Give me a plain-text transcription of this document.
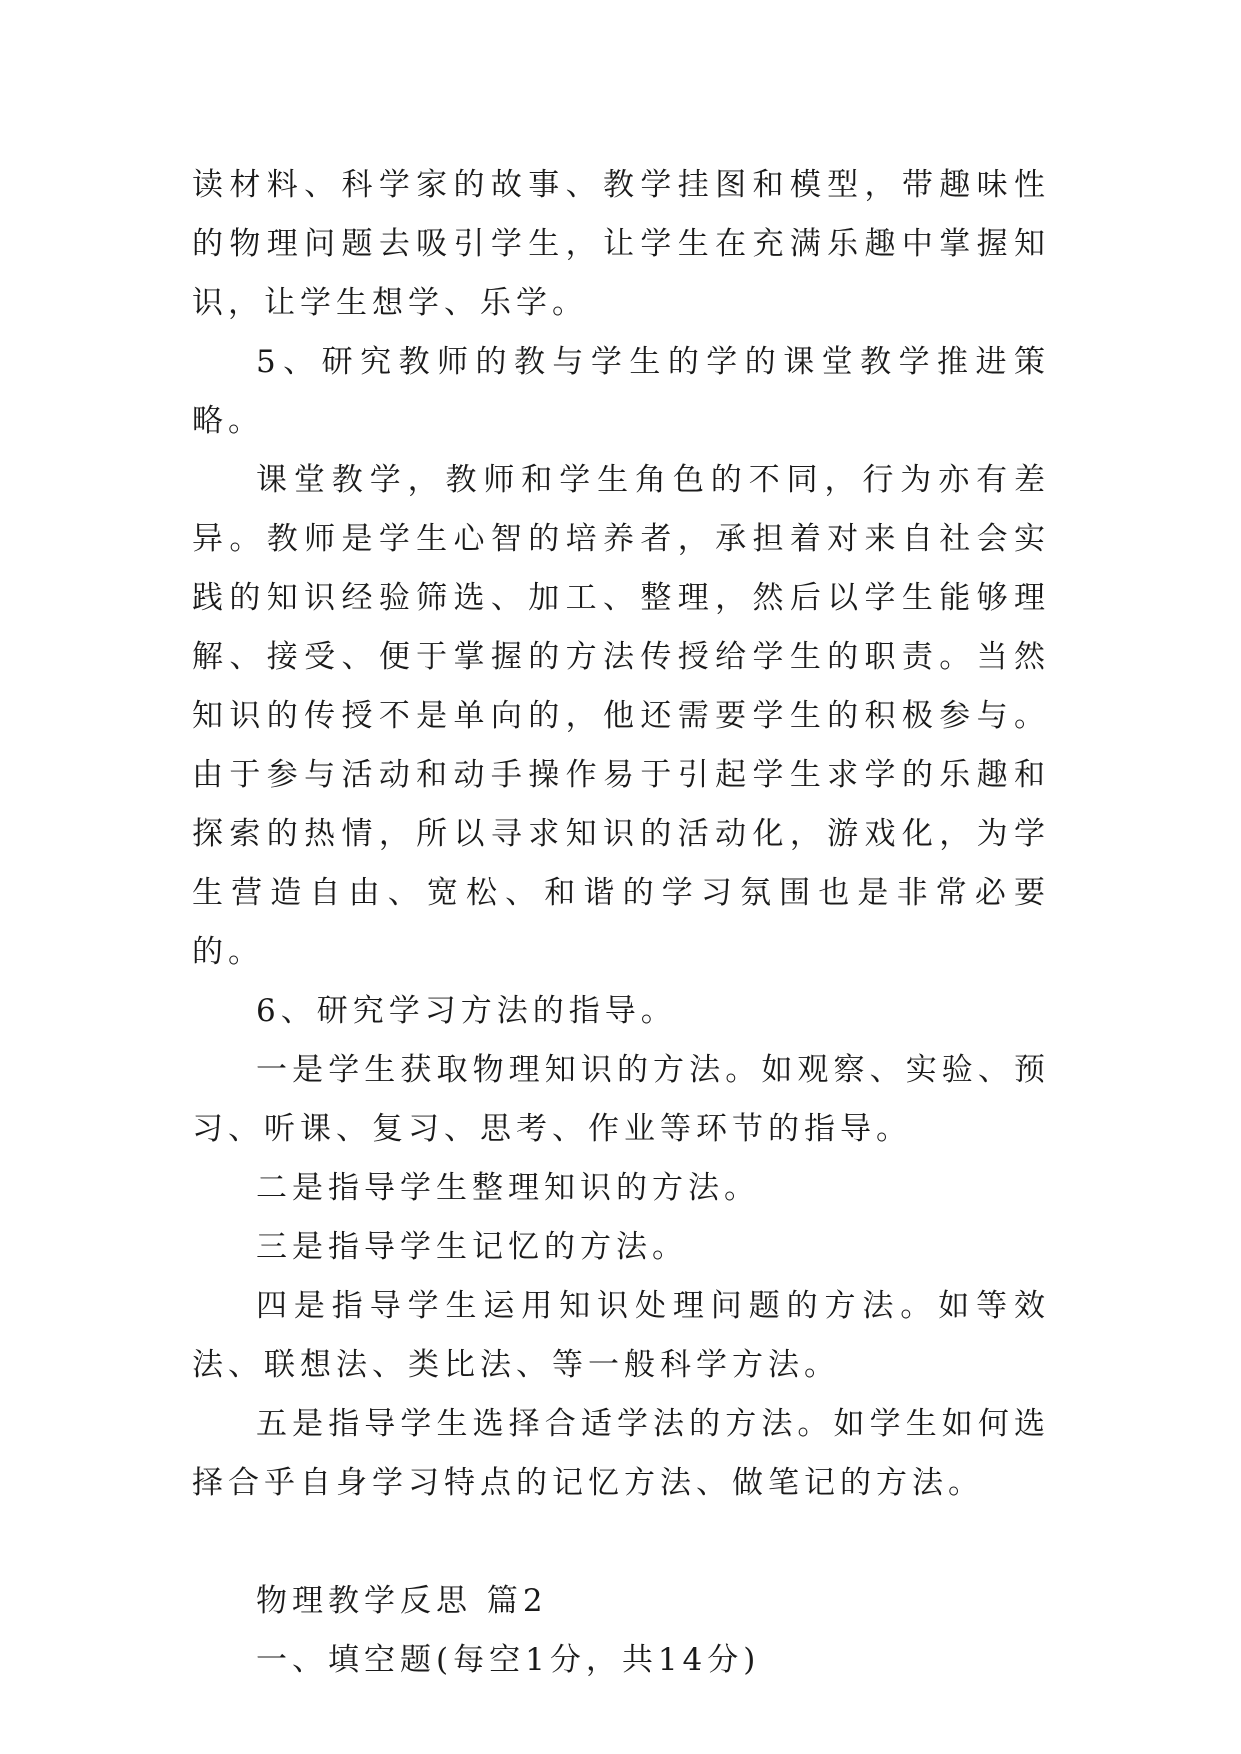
读材料、科学家的故事、教学挂图和模型，带趣味性的物理问题去吸引学生，让学生在充满乐趣中掌握知识，让学生想学、乐学。

5、研究教师的教与学生的学的课堂教学推进策略。

课堂教学，教师和学生角色的不同，行为亦有差异。教师是学生心智的培养者，承担着对来自社会实践的知识经验筛选、加工、整理，然后以学生能够理解、接受、便于掌握的方法传授给学生的职责。当然知识的传授不是单向的，他还需要学生的积极参与。由于参与活动和动手操作易于引起学生求学的乐趣和探索的热情，所以寻求知识的活动化，游戏化，为学生营造自由、宽松、和谐的学习氛围也是非常必要的。

6、研究学习方法的指导。

一是学生获取物理知识的方法。如观察、实验、预习、听课、复习、思考、作业等环节的指导。

二是指导学生整理知识的方法。

三是指导学生记忆的方法。

四是指导学生运用知识处理问题的方法。如等效法、联想法、类比法、等一般科学方法。

五是指导学生选择合适学法的方法。如学生如何选择合乎自身学习特点的记忆方法、做笔记的方法。

物理教学反思 篇2

一、填空题(每空1分，共14分)
